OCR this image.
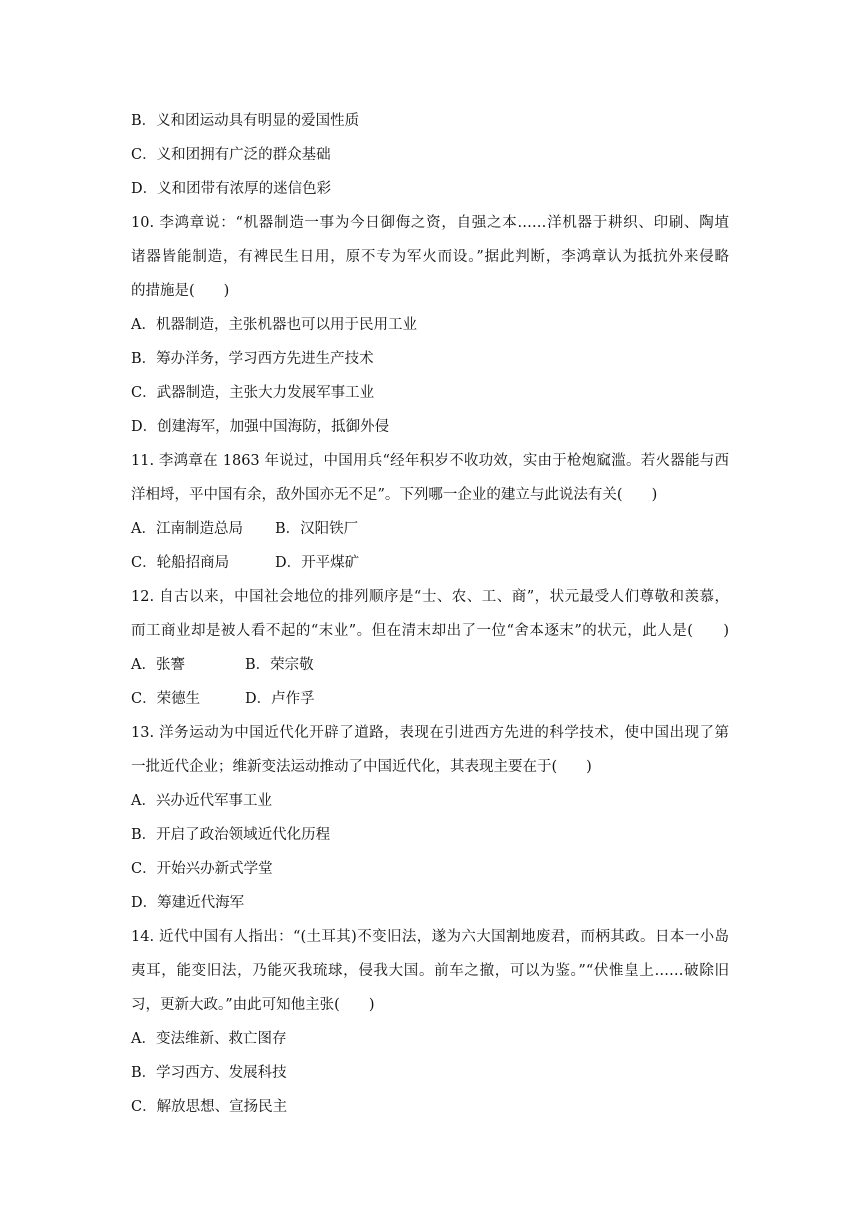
B．义和团运动具有明显的爱国性质
C．义和团拥有广泛的群众基础
D．义和团带有浓厚的迷信色彩
10. 李鸿章说：“机器制造一事为今日御侮之资，自强之本……洋机器于耕织、印刷、陶埴
诸器皆能制造，有裨民生日用，原不专为军火而设。”据此判断，李鸿章认为抵抗外来侵略
的措施是(　　)
A．机器制造，主张机器也可以用于民用工业
B．筹办洋务，学习西方先进生产技术
C．武器制造，主张大力发展军事工业
D．创建海军，加强中国海防，抵御外侵
11. 李鸿章在 1863 年说过，中国用兵“经年积岁不收功效，实由于枪炮窳滥。若火器能与西
洋相埒，平中国有余，敌外国亦无不足”。下列哪一企业的建立与此说法有关(　　)
A．江南制造总局	B．汉阳铁厂
C．轮船招商局	D．开平煤矿
12. 自古以来，中国社会地位的排列顺序是“士、农、工、商”，状元最受人们尊敬和羡慕，
而工商业却是被人看不起的“末业”。但在清末却出了一位“舍本逐末”的状元，此人是(　　)
A．张謇	B．荣宗敬
C．荣德生	D．卢作孚
13. 洋务运动为中国近代化开辟了道路，表现在引进西方先进的科学技术，使中国出现了第
一批近代企业；维新变法运动推动了中国近代化，其表现主要在于(　　)
A．兴办近代军事工业
B．开启了政治领域近代化历程
C．开始兴办新式学堂
D．筹建近代海军
14. 近代中国有人指出：“(土耳其)不变旧法，遂为六大国割地废君，而柄其政。日本一小岛
夷耳，能变旧法，乃能灭我琉球，侵我大国。前车之撤，可以为鉴。”“伏惟皇上……破除旧
习，更新大政。”由此可知他主张(　　)
A．变法维新、救亡图存
B．学习西方、发展科技
C．解放思想、宣扬民主
